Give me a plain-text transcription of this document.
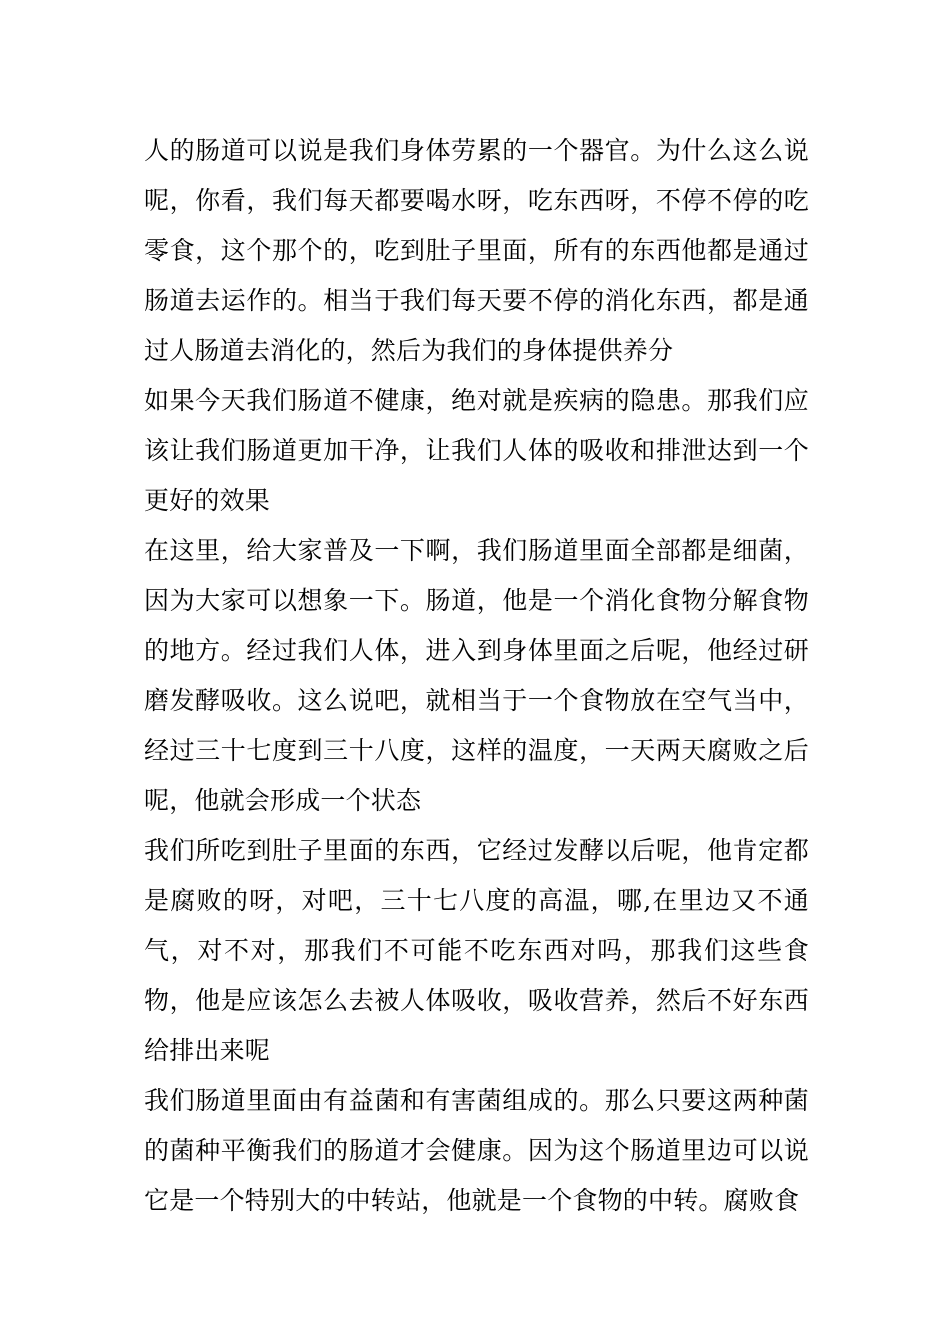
人的肠道可以说是我们身体劳累的一个器官。为什么这么说呢，你看，我们每天都要喝水呀，吃东西呀，不停不停的吃零食，这个那个的，吃到肚子里面，所有的东西他都是通过肠道去运作的。相当于我们每天要不停的消化东西，都是通过人肠道去消化的，然后为我们的身体提供养分

如果今天我们肠道不健康，绝对就是疾病的隐患。那我们应该让我们肠道更加干净，让我们人体的吸收和排泄达到一个更好的效果

在这里，给大家普及一下啊，我们肠道里面全部都是细菌，因为大家可以想象一下。肠道，他是一个消化食物分解食物的地方。经过我们人体，进入到身体里面之后呢，他经过研磨发酵吸收。这么说吧，就相当于一个食物放在空气当中，经过三十七度到三十八度，这样的温度，一天两天腐败之后呢，他就会形成一个状态

我们所吃到肚子里面的东西，它经过发酵以后呢，他肯定都是腐败的呀，对吧，三十七八度的高温，哪,在里边又不通气，对不对，那我们不可能不吃东西对吗，那我们这些食物，他是应该怎么去被人体吸收，吸收营养，然后不好东西给排出来呢

我们肠道里面由有益菌和有害菌组成的。那么只要这两种菌的菌种平衡我们的肠道才会健康。因为这个肠道里边可以说它是一个特别大的中转站，他就是一个食物的中转。腐败食
